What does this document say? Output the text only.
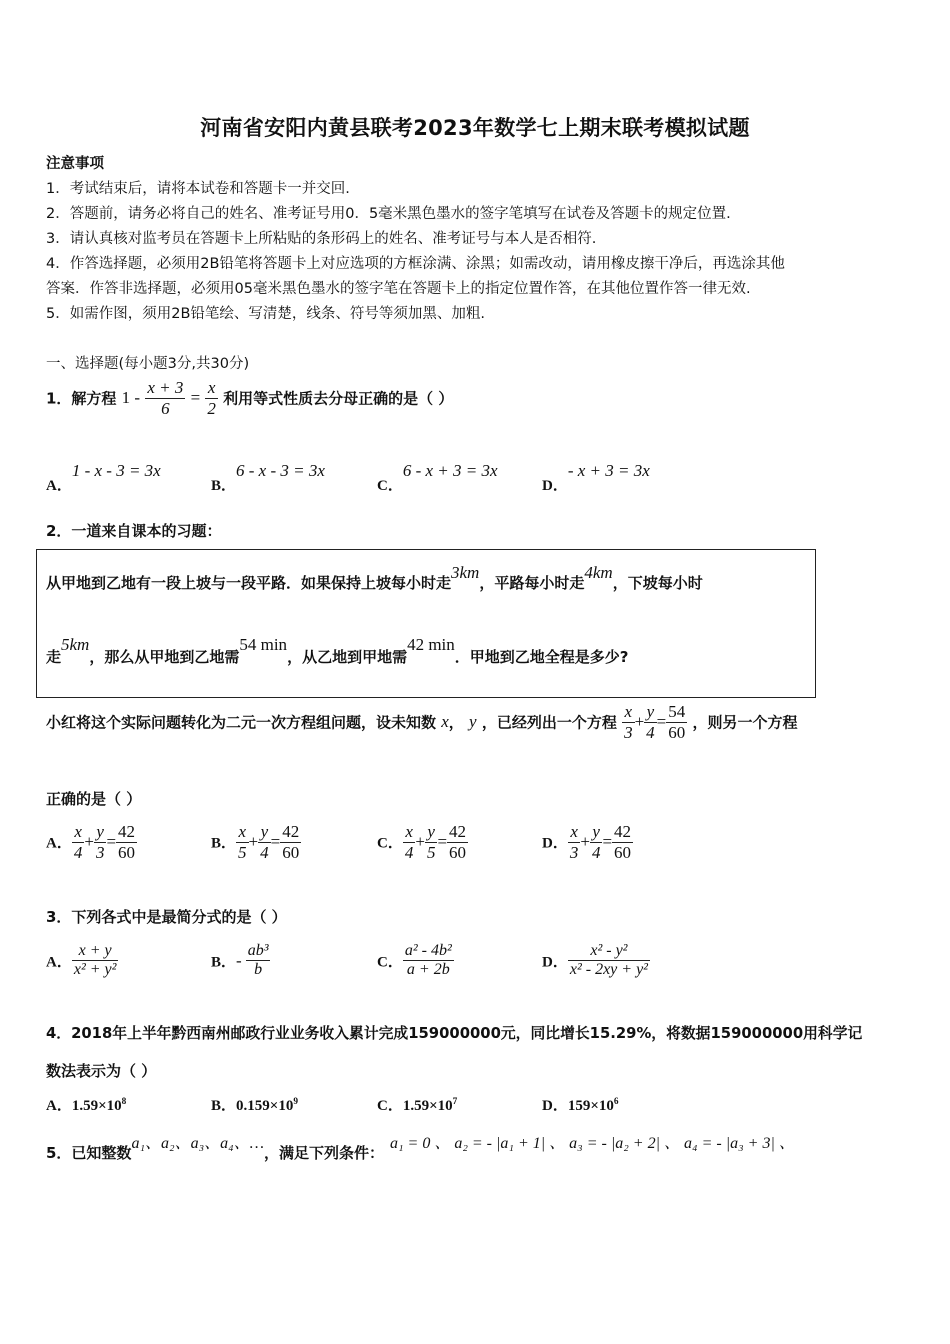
河南省安阳内黄县联考2023年数学七上期末联考模拟试题
注意事项
1．考试结束后，请将本试卷和答题卡一并交回.
2．答题前，请务必将自己的姓名、准考证号用0．5毫米黑色墨水的签字笔填写在试卷及答题卡的规定位置.
3．请认真核对监考员在答题卡上所粘贴的条形码上的姓名、准考证号与本人是否相符.
4．作答选择题，必须用2B铅笔将答题卡上对应选项的方框涂满、涂黑；如需改动，请用橡皮擦干净后，再选涂其他
答案．作答非选择题，必须用05毫米黑色墨水的签字笔在答题卡上的指定位置作答，在其他位置作答一律无效.
5．如需作图，须用2B铅笔绘、写清楚，线条、符号等须加黑、加粗.
一、选择题(每小题3分,共30分)
1．解方程 $1 - \frac{x + 3}{6} = \frac{x}{2}$ 利用等式性质去分母正确的是（ ）
A．1 - x - 3 = 3x
B．6 - x - 3 = 3x
C．6 - x + 3 = 3x
D．- x + 3 = 3x
2．一道来自课本的习题：
从甲地到乙地有一段上坡与一段平路．如果保持上坡每小时走3km，平路每小时走4km，下坡每小时
走5km，那么从甲地到乙地需54 min，从乙地到甲地需42 min．甲地到乙地全程是多少?
小红将这个实际问题转化为二元一次方程组问题，设未知数 x， y ，已经列出一个方程 $\frac{x}{3} + \frac{y}{4} = \frac{54}{60}$ ，则另一个方程
正确的是（ ）
A． $\frac{x}{4} + \frac{y}{3} = \frac{42}{60}$	B． $\frac{x}{5} + \frac{y}{4} = \frac{42}{60}$	C． $\frac{x}{4} + \frac{y}{5} = \frac{42}{60}$	D． $\frac{x}{3} + \frac{y}{4} = \frac{42}{60}$
3．下列各式中是最简分式的是（ ）
A． $\frac{x + y}{\text{x² + y²}}$	B．- $\frac{\text{ab³}}{b}$	C． $\frac{\text{a² - 4b²}}{a + 2b}$	D． $\frac{\text{x² - y²}}{\text{x² - 2xy + y²}}$
4．2018年上半年黔西南州邮政行业业务收入累计完成159000000元，同比增长15.29%，将数据159000000用科学记
数法表示为（ ）
A．$1.59\times 10^8$	B．$0.159\times 10^9$	C．$1.59\times 10^7$	D．$159\times 10^6$
5．已知整数a₁、a₂、a₃、a₄、…，满足下列条件：a₁ = 0 、 a₂ = - |a₁ + 1| 、 a₃ = - |a₂ + 2| 、 a₄ = - |a₃ + 3| 、
